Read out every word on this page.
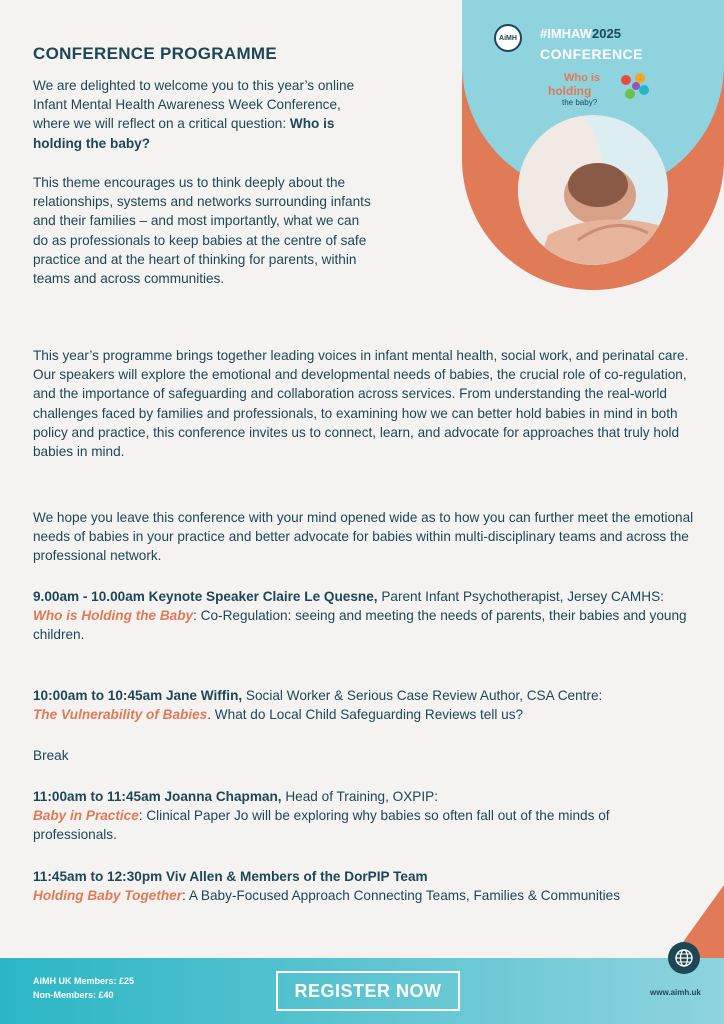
AiMH	#IMHAW2025
CONFERENCE
Who is
holding
the baby?
CONFERENCE PROGRAMME
We are delighted to welcome you to this year’s online Infant Mental Health Awareness Week Conference, where we will reflect on a critical question: Who is holding the baby?
This theme encourages us to think deeply about the relationships, systems and networks surrounding infants and their families – and most importantly, what we can do as professionals to keep babies at the centre of safe practice and at the heart of thinking for parents, within teams and across communities.
This year’s programme brings together leading voices in infant mental health, social work, and perinatal care. Our speakers will explore the emotional and developmental needs of babies, the crucial role of co-regulation, and the importance of safeguarding and collaboration across services. From understanding the real-world challenges faced by families and professionals, to examining how we can better hold babies in mind in both policy and practice, this conference invites us to connect, learn, and advocate for approaches that truly hold babies in mind.
We hope you leave this conference with your mind opened wide as to how you can further meet the emotional needs of babies in your practice and better advocate for babies within multi-disciplinary teams and across the professional network.
9.00am - 10.00am Keynote Speaker Claire Le Quesne, Parent Infant Psychotherapist, Jersey CAMHS:
Who is Holding the Baby: Co-Regulation: seeing and meeting the needs of parents, their babies and young children.
10:00am to 10:45am Jane Wiffin, Social Worker & Serious Case Review Author, CSA Centre:
The Vulnerability of Babies. What do Local Child Safeguarding Reviews tell us?
Break
11:00am to 11:45am Joanna Chapman, Head of Training, OXPIP:
Baby in Practice: Clinical Paper Jo will be exploring why babies so often fall out of the minds of professionals.
11:45am to 12:30pm Viv Allen & Members of the DorPIP Team
Holding Baby Together: A Baby-Focused Approach Connecting Teams, Families & Communities
AiMH UK Members: £25
Non-Members: £40	REGISTER NOW	www.aimh.uk
